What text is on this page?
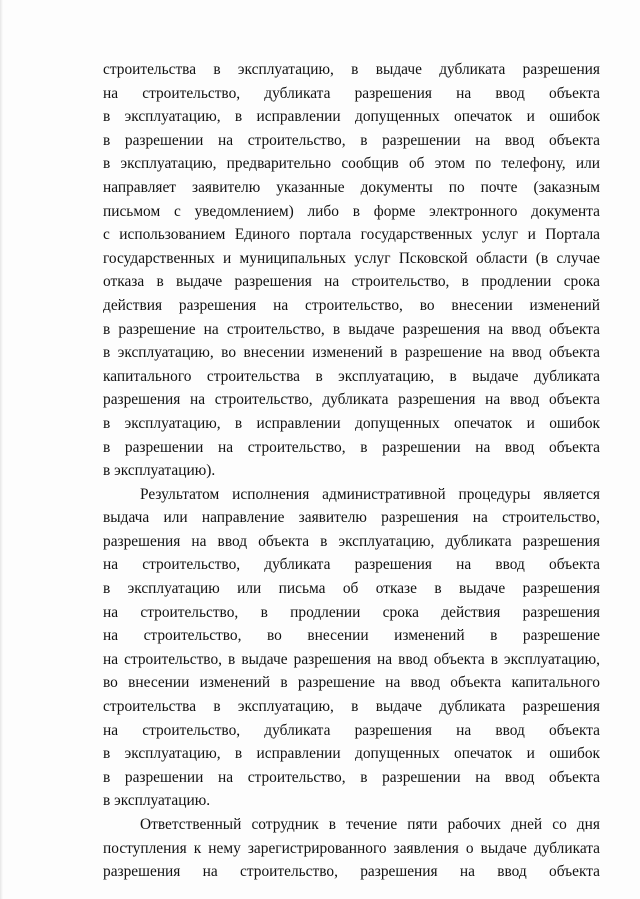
строительства в эксплуатацию, в выдаче дубликата разрешения
на строительство, дубликата разрешения на ввод объекта
в эксплуатацию, в исправлении допущенных опечаток и ошибок
в разрешении на строительство, в разрешении на ввод объекта
в эксплуатацию, предварительно сообщив об этом по телефону, или
направляет заявителю указанные документы по почте (заказным
письмом с уведомлением) либо в форме электронного документа
с использованием Единого портала государственных услуг и Портала
государственных и муниципальных услуг Псковской области (в случае
отказа в выдаче разрешения на строительство, в продлении срока
действия разрешения на строительство, во внесении изменений
в разрешение на строительство, в выдаче разрешения на ввод объекта
в эксплуатацию, во внесении изменений в разрешение на ввод объекта
капитального строительства в эксплуатацию, в выдаче дубликата
разрешения на строительство, дубликата разрешения на ввод объекта
в эксплуатацию, в исправлении допущенных опечаток и ошибок
в разрешении на строительство, в разрешении на ввод объекта
в эксплуатацию).
Результатом исполнения административной процедуры является
выдача или направление заявителю разрешения на строительство,
разрешения на ввод объекта в эксплуатацию, дубликата разрешения
на строительство, дубликата разрешения на ввод объекта
в эксплуатацию или письма об отказе в выдаче разрешения
на строительство, в продлении срока действия разрешения
на строительство, во внесении изменений в разрешение
на строительство, в выдаче разрешения на ввод объекта в эксплуатацию,
во внесении изменений в разрешение на ввод объекта капитального
строительства в эксплуатацию, в выдаче дубликата разрешения
на строительство, дубликата разрешения на ввод объекта
в эксплуатацию, в исправлении допущенных опечаток и ошибок
в разрешении на строительство, в разрешении на ввод объекта
в эксплуатацию.
Ответственный сотрудник в течение пяти рабочих дней со дня
поступления к нему зарегистрированного заявления о выдаче дубликата
разрешения на строительство, разрешения на ввод объекта
